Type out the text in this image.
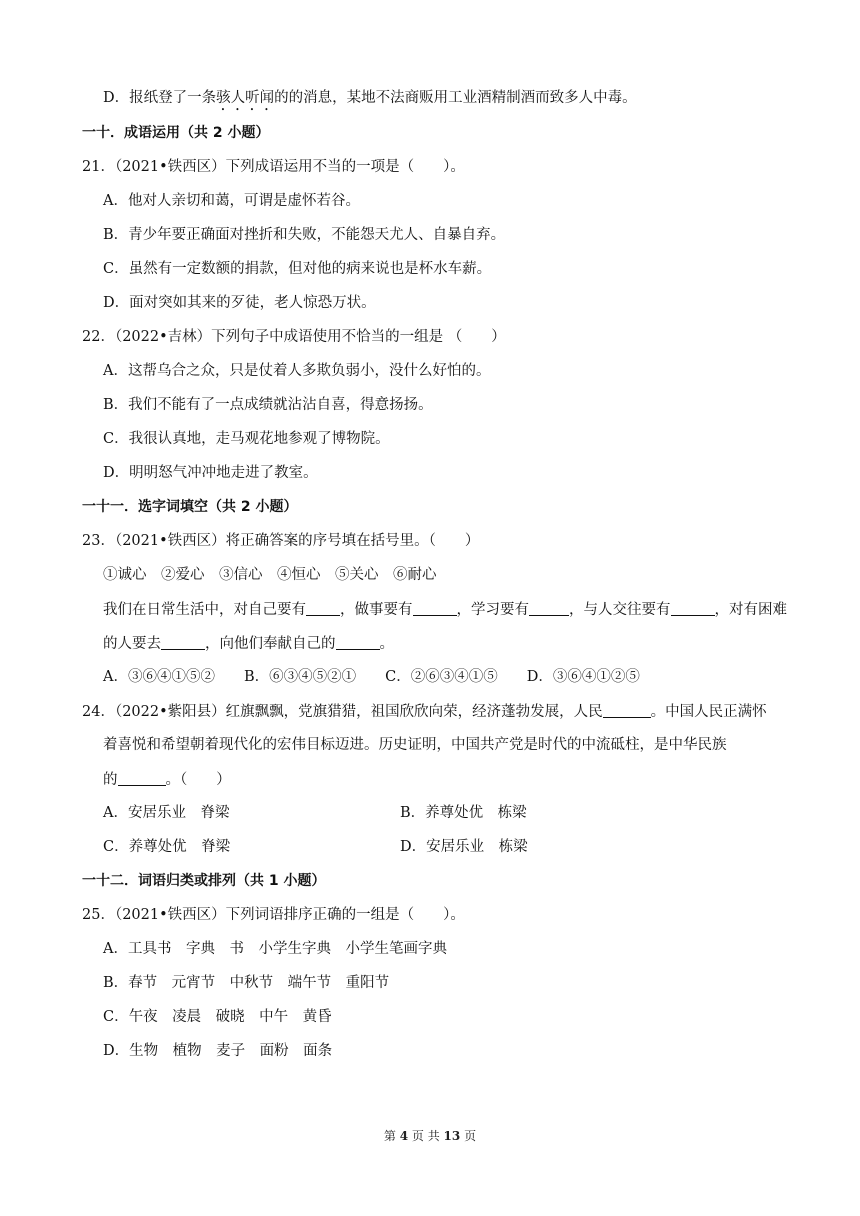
D．报纸登了一条骇人听闻的的消息，某地不法商贩用工业酒精制酒而致多人中毒。
一十．成语运用（共 2 小题）
21．（2021•铁西区）下列成语运用不当的一项是（　　）。
A．他对人亲切和蔼，可谓是虚怀若谷。
B．青少年要正确面对挫折和失败，不能怨天尤人、自暴自弃。
C．虽然有一定数额的捐款，但对他的病来说也是杯水车薪。
D．面对突如其来的歹徒，老人惊恐万状。
22．（2022•吉林）下列句子中成语使用不恰当的一组是 （　　）
A．这帮乌合之众，只是仗着人多欺负弱小，没什么好怕的。
B．我们不能有了一点成绩就沾沾自喜，得意扬扬。
C．我很认真地，走马观花地参观了博物院。
D．明明怒气冲冲地走进了教室。
一十一．选字词填空（共 2 小题）
23．（2021•铁西区）将正确答案的序号填在括号里。（　　）
①诚心　②爱心　③信心　④恒心　⑤关心　⑥耐心
我们在日常生活中，对自己要有 ，做事要有	，学习要有	，与人交往要有	，对有困难
的人要去	，向他们奉献自己的	。
A．③⑥④①⑤②　　B．⑥③④⑤②①　　C．②⑥③④①⑤　　D．③⑥④①②⑤
24．（2022•紫阳县）红旗飘飘，党旗猎猎，祖国欣欣向荣，经济蓬勃发展，人民	。中国人民正满怀
着喜悦和希望朝着现代化的宏伟目标迈进。历史证明，中国共产党是时代的中流砥柱，是中华民族
的	。（　　）
A．安居乐业　脊梁	B．养尊处优　栋梁
C．养尊处优　脊梁	D．安居乐业　栋梁
一十二．词语归类或排列（共 1 小题）
25．（2021•铁西区）下列词语排序正确的一组是（　　）。
A．工具书　字典　书　小学生字典　小学生笔画字典
B．春节　元宵节　中秋节　端午节　重阳节
C．午夜　凌晨　破晓　中午　黄昏
D．生物　植物　麦子　面粉　面条
第 4 页 共 13 页
